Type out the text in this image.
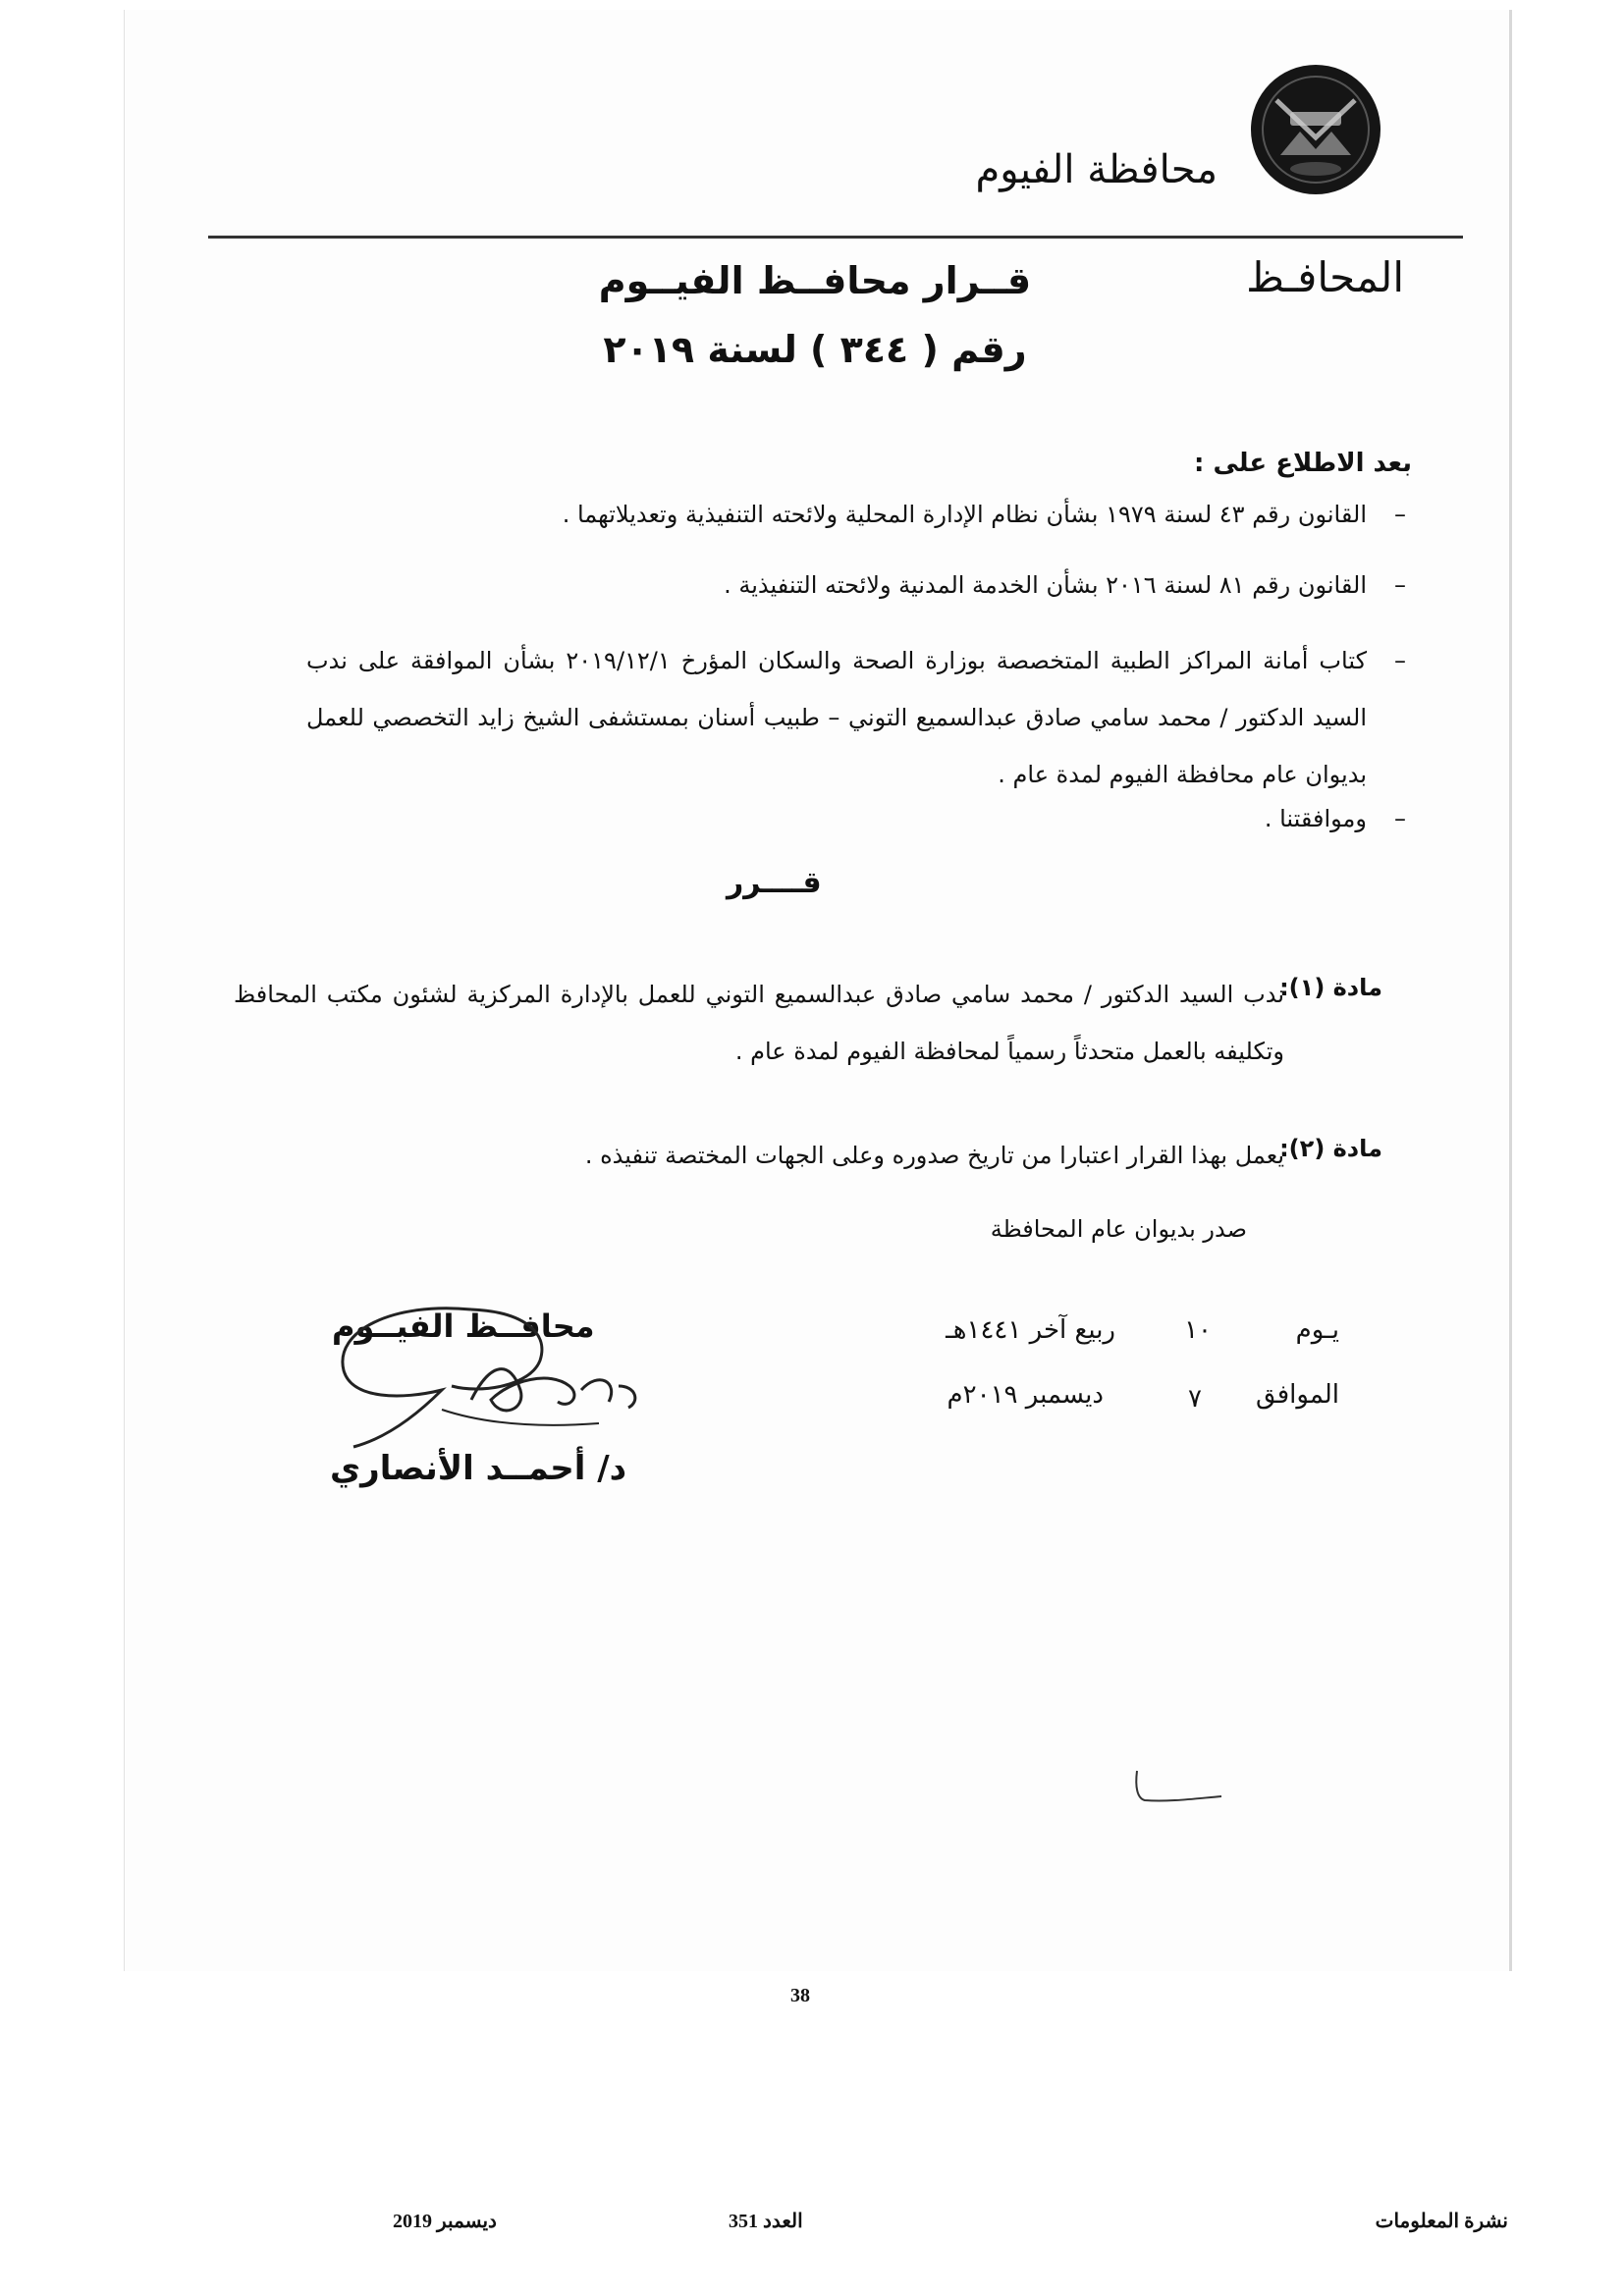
محافظة الفيوم
المحافـظ
قــرار محافــظ الفيــوم
رقم ( ٣٤٤ ) لسنة ٢٠١٩
بعد الاطلاع على :
–
القانون رقم ٤٣ لسنة ١٩٧٩ بشأن نظام الإدارة المحلية ولائحته التنفيذية وتعديلاتهما .
–
القانون رقم ٨١ لسنة ٢٠١٦ بشأن الخدمة المدنية ولائحته التنفيذية .
–
كتاب أمانة المراكز الطبية المتخصصة بوزارة الصحة والسكان المؤرخ ٢٠١٩/١٢/١ بشأن الموافقة على ندب السيد الدكتور / محمد سامي صادق عبدالسميع التوني – طبيب أسنان بمستشفى الشيخ زايد التخصصي للعمل بديوان عام محافظة الفيوم لمدة عام .
–
وموافقتنا .
قــــرر
مادة (١):
ندب السيد الدكتور / محمد سامي صادق عبدالسميع التوني للعمل بالإدارة المركزية لشئون مكتب المحافظ وتكليفه بالعمل متحدثاً رسمياً لمحافظة الفيوم لمدة عام .
مادة (٢):
يعمل بهذا القرار اعتبارا من تاريخ صدوره وعلى الجهات المختصة تنفيذه .
صدر بديوان عام المحافظة
يـوم
١٠
ربيع آخر ١٤٤١هـ
الموافق
٧
ديسمبر ٢٠١٩م
محافــظ الفيــوم
د/ أحمــد الأنصاري
38
نشرة المعلومات
العدد 351
ديسمبر 2019
